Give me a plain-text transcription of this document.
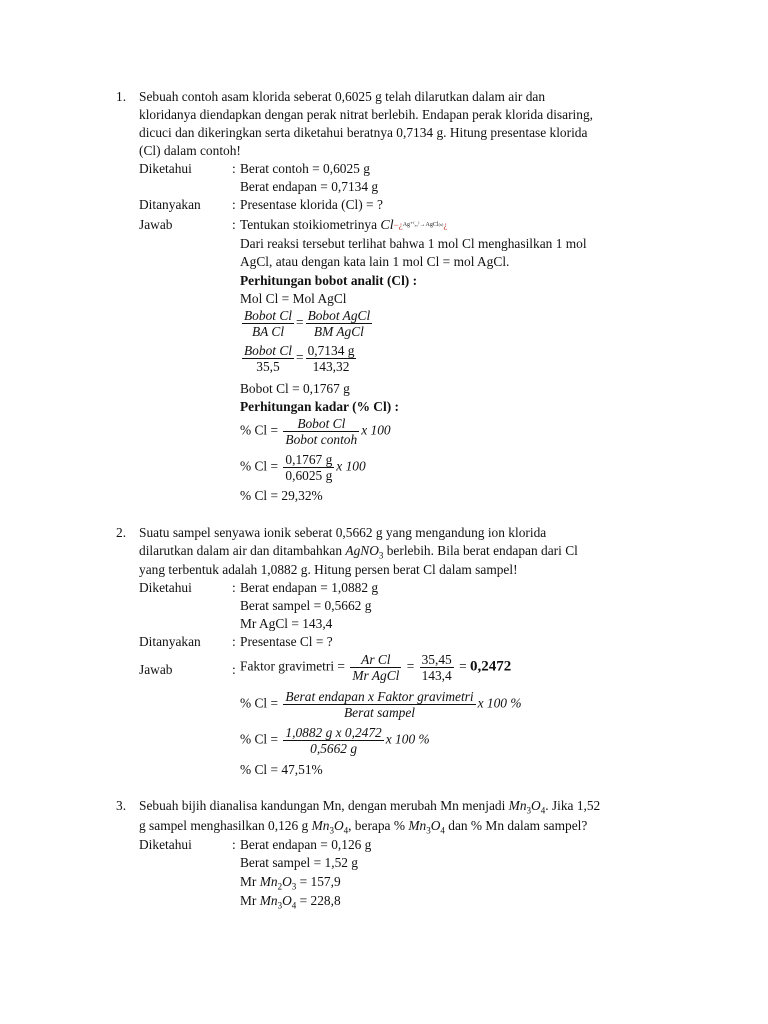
1. Sebuah contoh asam klorida seberat 0,6025 g telah dilarutkan dalam air dan
kloridanya diendapkan dengan perak nitrat berlebih. Endapan perak klorida disaring,
dicuci dan dikeringkan serta diketahui beratnya 0,7134 g. Hitung presentase klorida
(Cl) dalam contoh!
Diketahui	: Berat contoh = 0,6025 g
Berat endapan = 0,7134 g
Ditanyakan : Presentase klorida (Cl) = ?
Jawab	: Tentukan stoikiometrinya $Cl^{-¿Ag^{+(}_{ao}^)\to AgCl_{(s)}¿}$
Dari reaksi tersebut terlihat bahwa 1 mol Cl menghasilkan 1 mol
AgCl, atau dengan kata lain 1 mol Cl = mol AgCl.
Perhitungan bobot analit (Cl) :
Mol Cl = Mol AgCl
$\frac{\text{Bobot Cl}}{\text{BA Cl}} = \frac{\text{Bobot AgCl}}{\text{BM AgCl}}$
$\frac{\text{Bobot Cl}}{35,5} = \frac{0,7134 g}{143,32}$
Bobot Cl = 0,1767 g
Perhitungan kadar (% Cl) :
% $Cl = \frac{\text{Bobot Cl}}{\text{Bobot contoh}}$ x 100
% $Cl = \frac{0,1767 g}{0,6025 g}$ x 100
% Cl = 29,32%
2. Suatu sampel senyawa ionik seberat 0,5662 g yang mengandung ion klorida
dilarutkan dalam air dan ditambahkan AgNO$_3$ berlebih. Bila berat endapan dari Cl
yang terbentuk adalah 1,0882 g. Hitung persen berat Cl dalam sampel!
Diketahui	: Berat endapan = 1,0882 g
Berat sampel = 0,5662 g
Mr AgCl = 143,4
Ditanyakan : Presentase Cl = ?
Jawab	: Faktor gravimetri = $\frac{\text{Ar Cl}}{\text{Mr AgCl}} = \frac{35,45}{143,4} = 0,2472$
% $Cl = \frac{\text{Berat endapan x Faktor gravimetri}}{\text{Berat sampel}}$ x 100 %
% $Cl = \frac{\text{1,0882 g x 0,2472}}{0,5662 g}$ x 100 %
% Cl = 47,51%
3. Sebuah bijih dianalisa kandungan Mn, dengan merubah Mn menjadi $Mn_3O_4$. Jika 1,52
g sampel menghasilkan 0,126 g $Mn_3O_4$, berapa % $Mn_3O_4$ dan % Mn dalam sampel?
Diketahui	: Berat endapan = 0,126 g
Berat sampel = 1,52 g
Mr $Mn_2O_3 = 157,9$
Mr $Mn_3O_4 = 228,8$
